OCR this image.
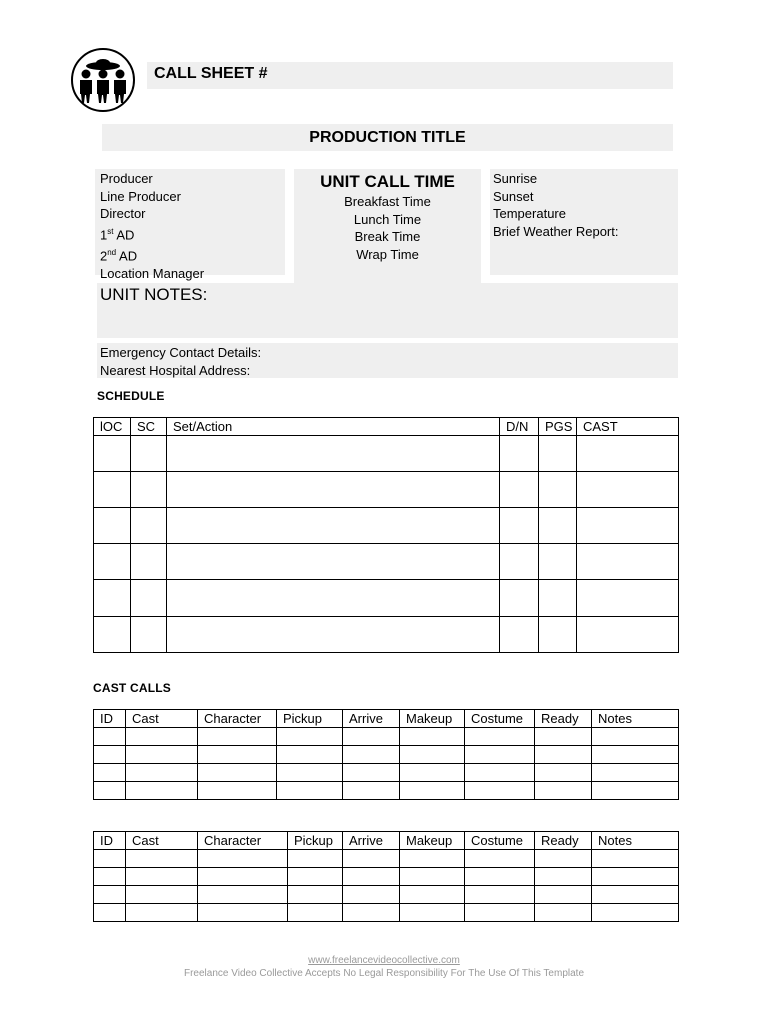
CALL SHEET #
PRODUCTION TITLE
Producer
Line Producer
Director
1st AD
2nd AD
Location Manager
UNIT CALL TIME
Breakfast Time
Lunch Time
Break Time
Wrap Time
Sunrise
Sunset
Temperature
Brief Weather Report:
UNIT NOTES:
Emergency Contact Details:
Nearest Hospital Address:
SCHEDULE
lOC	SC	Set/Action	D/N	PGS	CAST

CAST CALLS
ID	Cast	Character	Pickup	Arrive	Makeup	Costume	Ready	Notes

ID	Cast	Character	Pickup	Arrive	Makeup	Costume	Ready	Notes

www.freelancevideocollective.com
Freelance Video Collective Accepts No Legal Responsibility For The Use Of This Template
